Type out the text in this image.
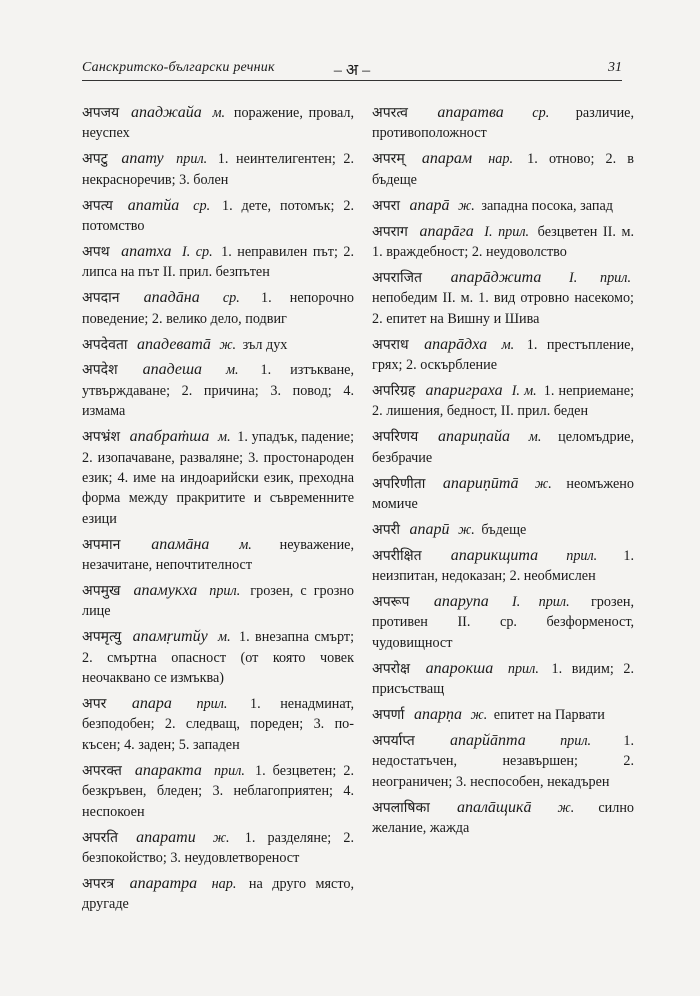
Санскритско-български речник	– अ –	31
अपजय ападжайа м. поражение, провал, неуспех
अपटु апату прил. 1. неинтелигентен; 2. некрасноречив; 3. болен
अपत्य апатйа ср. 1. дете, потомък; 2. потомство
अपथ апатха I. ср. 1. неправилен път; 2. липса на път II. прил. безпътен
अपदान ападāна ср. 1. непорочно поведение; 2. велико дело, подвиг
अपदेवता ападеватā ж. зъл дух
अपदेश ападеша м. 1. изтъкване, утвърждаване; 2. причина; 3. повод; 4. измама
अपभ्रंश апабраṁша м. 1. упадък, падение; 2. изопачаване, разваляне; 3. простонароден език; 4. име на индоарийски език, преходна форма между пракритите и съвременните езици
अपमान апамāна м. неуважение, незачитане, непочтителност
अपमुख апамукха прил. грозен, с грозно лице
अपमृत्यु апамṛитйу м. 1. внезапна смърт; 2. смъртна опасност (от която човек неочаквано се измъква)
अपर апара прил. 1. ненадминат, безподобен; 2. следващ, пореден; 3. по-късен; 4. заден; 5. западен
अपरक्त апаракта прил. 1. безцветен; 2. безкръвен, блeден; 3. неблагоприятен; 4. неспокоен
अपरति апарати ж. 1. разделяне; 2. безпокойство; 3. неудовлетвореност
अपरत्र апаратра нар. на друго място, другаде
अपरत्व апаратва ср. различие, противоположност
अपरम् апарам нар. 1. отново; 2. в бъдеще
अपरा апарā ж. западна посока, запад
अपराग апарāга I. прил. безцветен II. м. 1. враждебност; 2. неудоволство
अपराजित апарāджита I. прил. непобедим II. м. 1. вид отровно насекомо; 2. епитет на Вишну и Шива
अपराध апарāдха м. 1. престъпление, грях; 2. оскърбление
अपरिग्रह апариграха I. м. 1. неприемане; 2. лишения, бедност, II. прил. беден
अपरिणय апариṇайа м. целомъдрие, безбрачие
अपरिणीता апариṇӣтā ж. неомъжено момиче
अपरी апарӣ ж. бъдеще
अपरीक्षित апарикщита прил. 1. неизпитан, недоказан; 2. необмислен
अपरूप апарупа I. прил. грозен, противен II. ср. безформеност, чудовищност
अपरोक्ष апарокша прил. 1. видим; 2. присъстващ
अपर्णा апарṇа ж. епитет на Парвати
अपर्याप्त апарйāпта прил. 1. недостатъчен, незавършен; 2. неограничен; 3. неспособен, некадърен
अपलाषिका апалāщикā ж. силно желание, жажда
